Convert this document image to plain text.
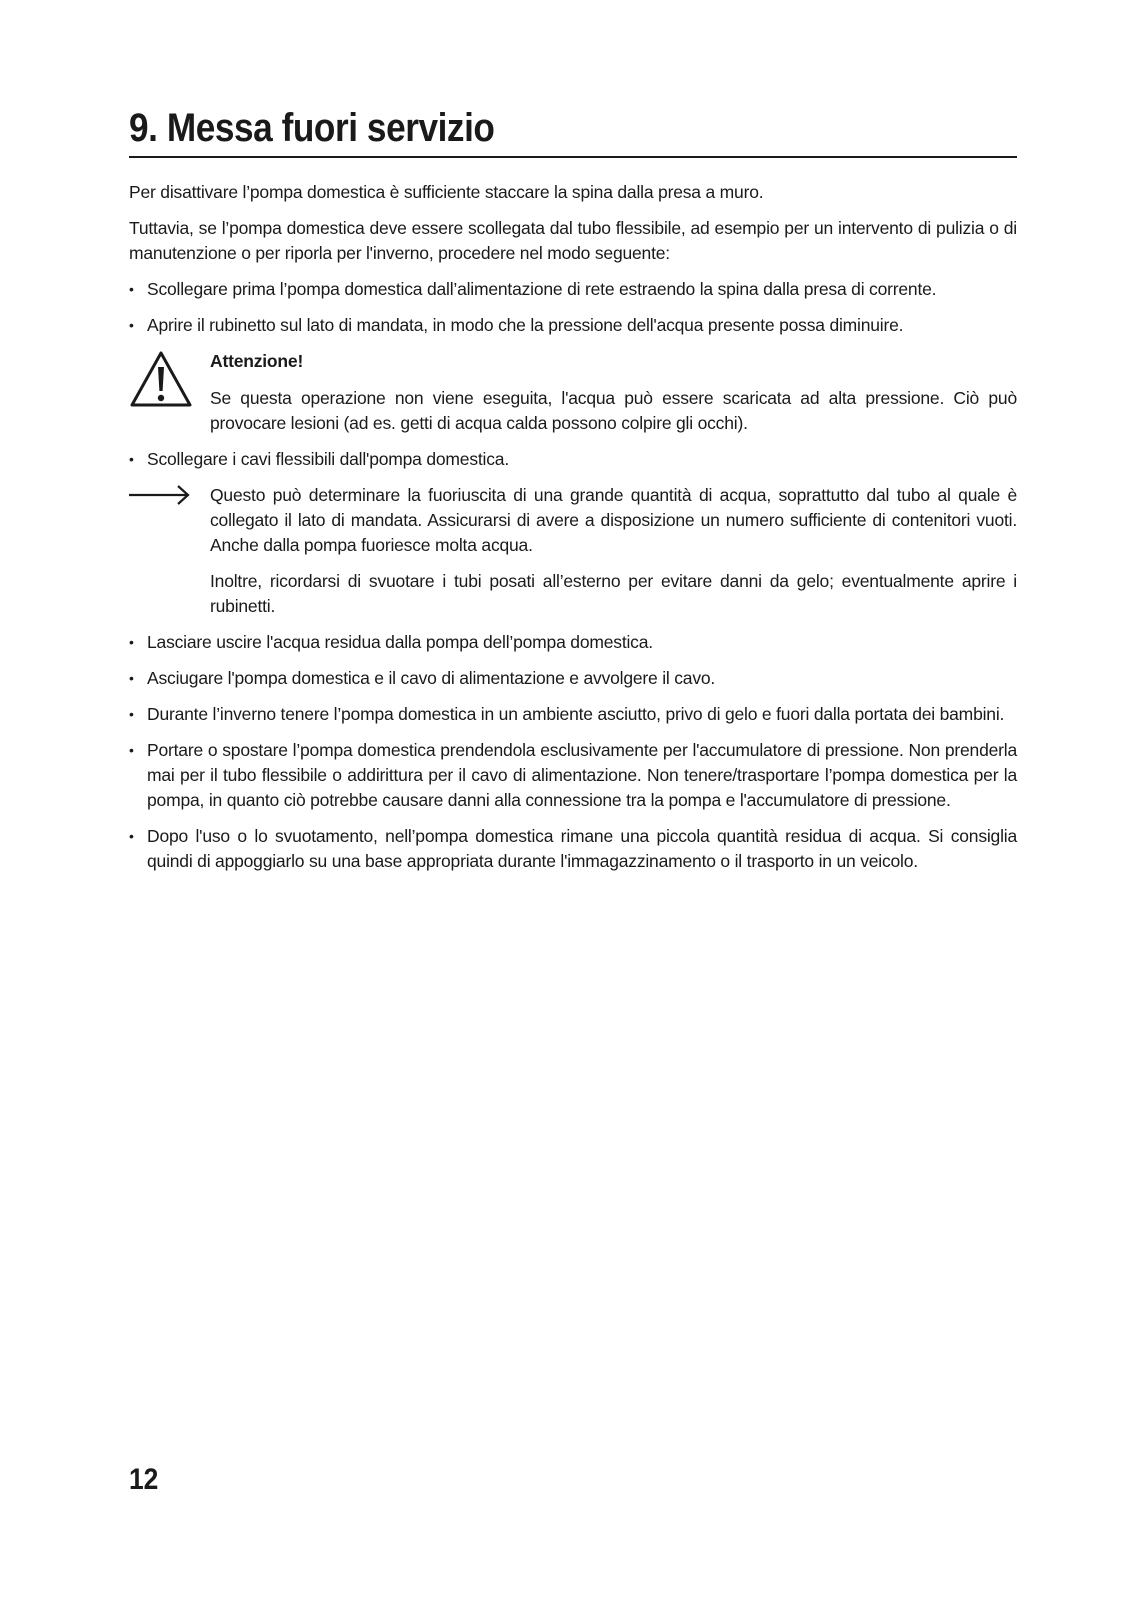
9. Messa fuori servizio

Per disattivare l’pompa domestica è sufficiente staccare la spina dalla presa a muro.

Tuttavia, se l’pompa domestica deve essere scollegata dal tubo flessibile, ad esempio per un intervento di pulizia o di manutenzione o per riporla per l'inverno, procedere nel modo seguente:

• Scollegare prima l’pompa domestica dall’alimentazione di rete estraendo la spina dalla presa di corrente.

• Aprire il rubinetto sul lato di mandata, in modo che la pressione dell'acqua presente possa diminuire.

Attenzione!

Se questa operazione non viene eseguita, l'acqua può essere scaricata ad alta pressione. Ciò può provocare lesioni (ad es. getti di acqua calda possono colpire gli occhi).

• Scollegare i cavi flessibili dall'pompa domestica.

Questo può determinare la fuoriuscita di una grande quantità di acqua, soprattutto dal tubo al quale è collegato il lato di mandata. Assicurarsi di avere a disposizione un numero sufficiente di contenitori vuoti. Anche dalla pompa fuoriesce molta acqua.

Inoltre, ricordarsi di svuotare i tubi posati all’esterno per evitare danni da gelo; eventualmente aprire i rubinetti.

• Lasciare uscire l'acqua residua dalla pompa dell’pompa domestica.

• Asciugare l'pompa domestica e il cavo di alimentazione e avvolgere il cavo.

• Durante l’inverno tenere l’pompa domestica in un ambiente asciutto, privo di gelo e fuori dalla portata dei bambini.

• Portare o spostare l’pompa domestica prendendola esclusivamente per l'accumulatore di pressione. Non prenderla mai per il tubo flessibile o addirittura per il cavo di alimentazione. Non tenere/trasportare l’pompa domestica per la pompa, in quanto ciò potrebbe causare danni alla connessione tra la pompa e l'accumulatore di pressione.

• Dopo l'uso o lo svuotamento, nell’pompa domestica rimane una piccola quantità residua di acqua. Si consiglia quindi di appoggiarlo su una base appropriata durante l'immagazzinamento o il trasporto in un veicolo.

12
